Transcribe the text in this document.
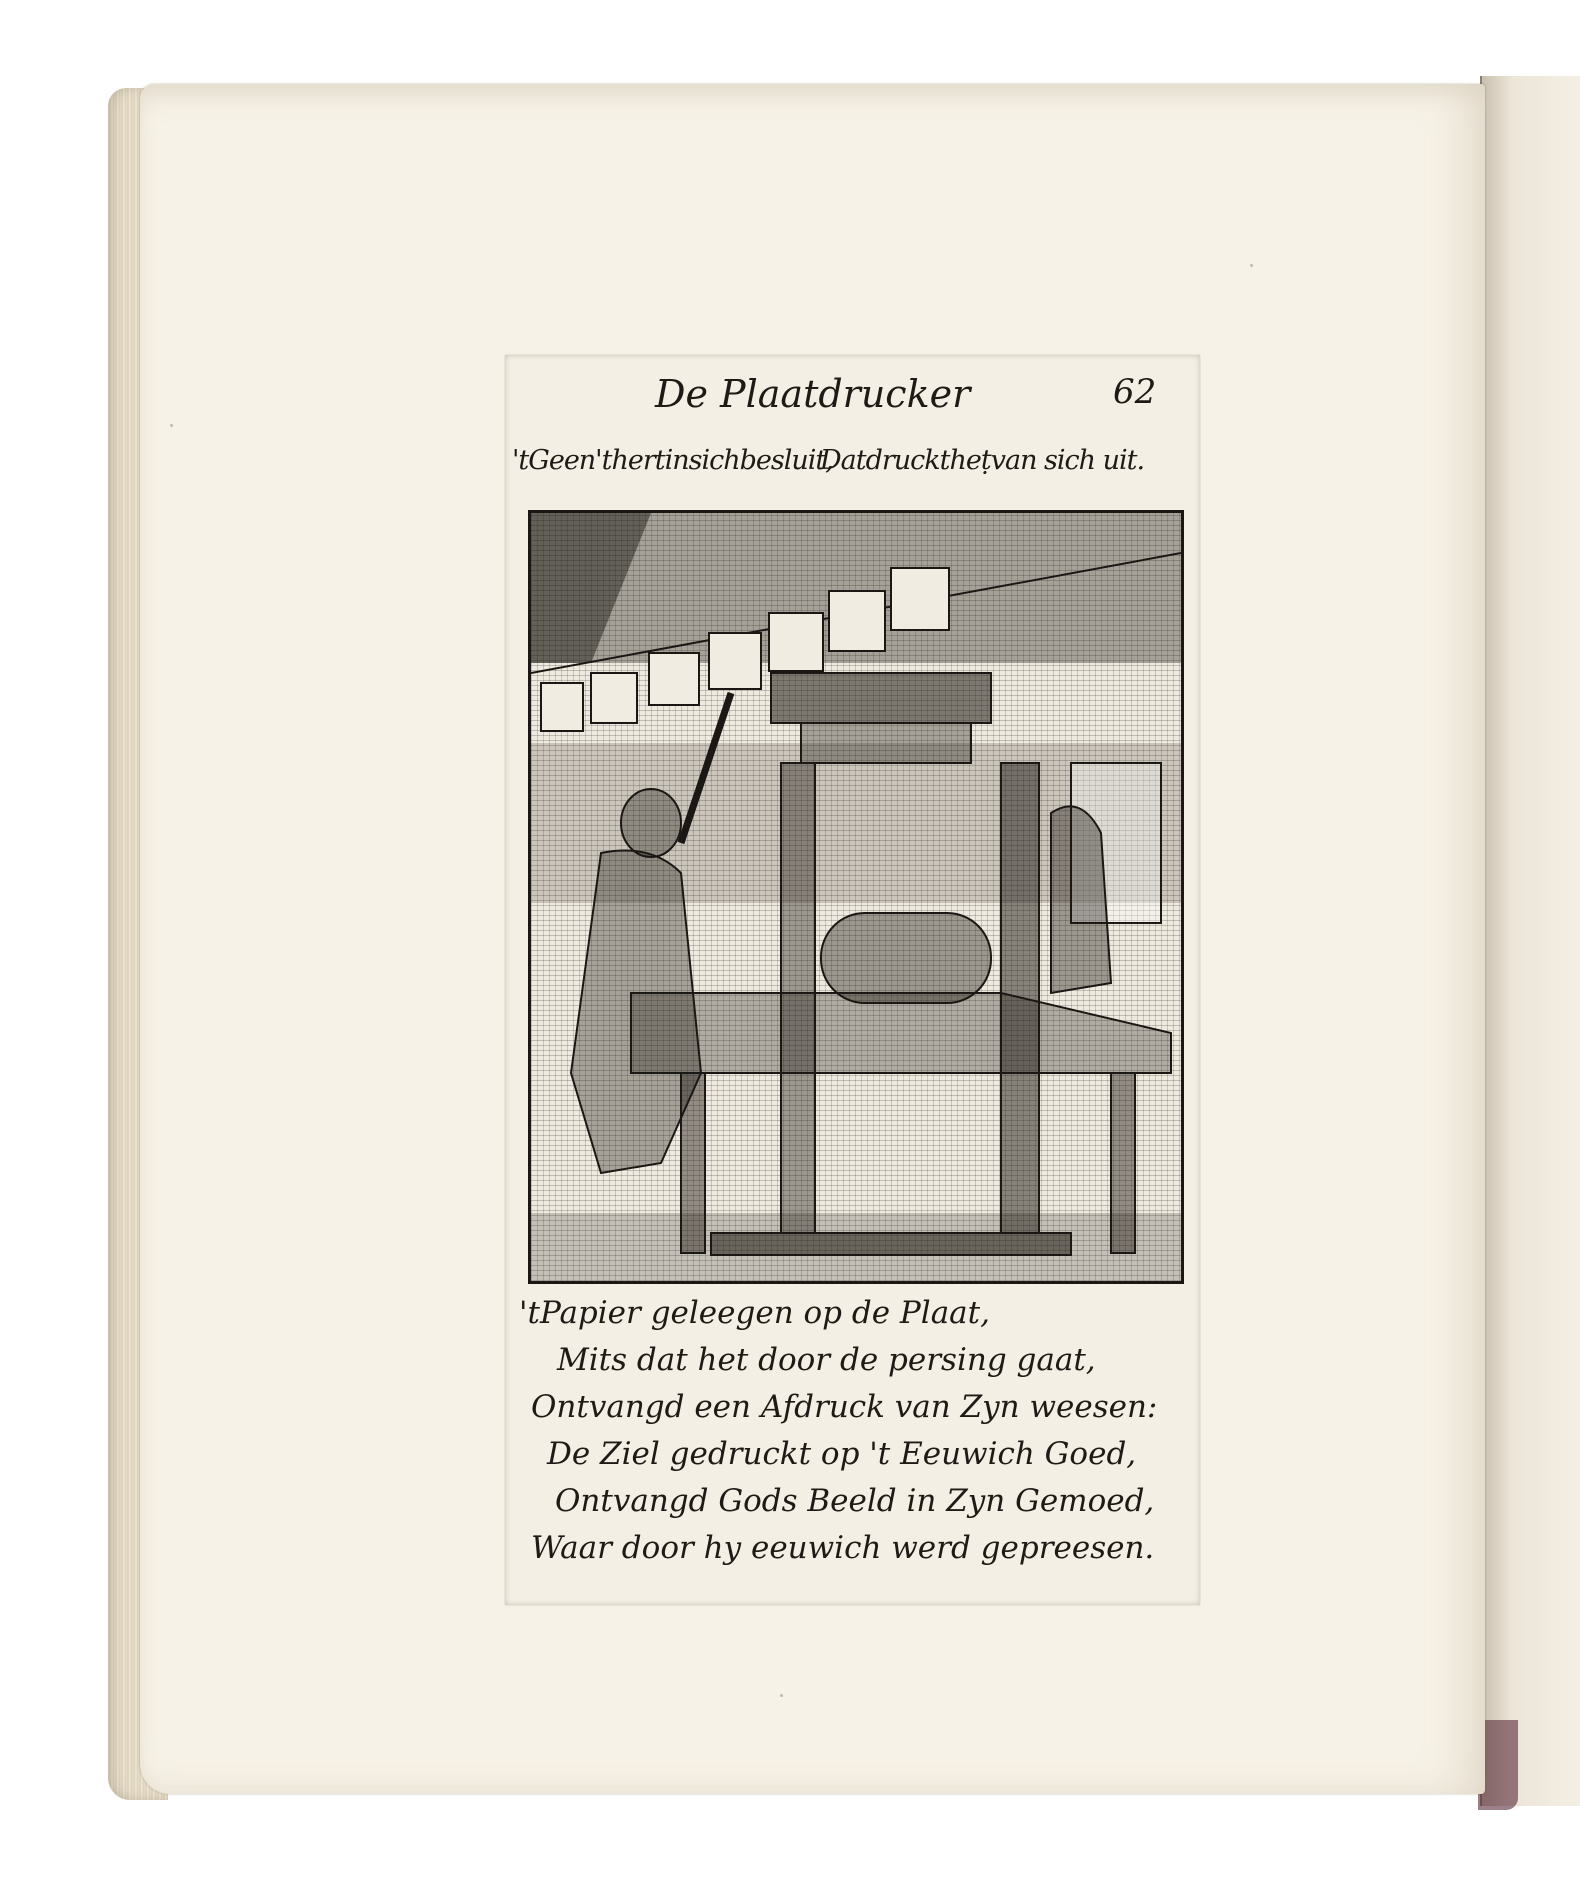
De Plaatdrucker	62
'tGeen'thertinsichbesluit,
Datdrucktheṭvan sich uit.
'tPapier geleegen op de Plaat,
Mits dat het door de persing gaat,
Ontvangd een Afdruck van Zyn weesen:
De Ziel gedruckt op 't Eeuwich Goed,
Ontvangd Gods Beeld in Zyn Gemoed,
Waar door hy eeuwich werd gepreesen.
